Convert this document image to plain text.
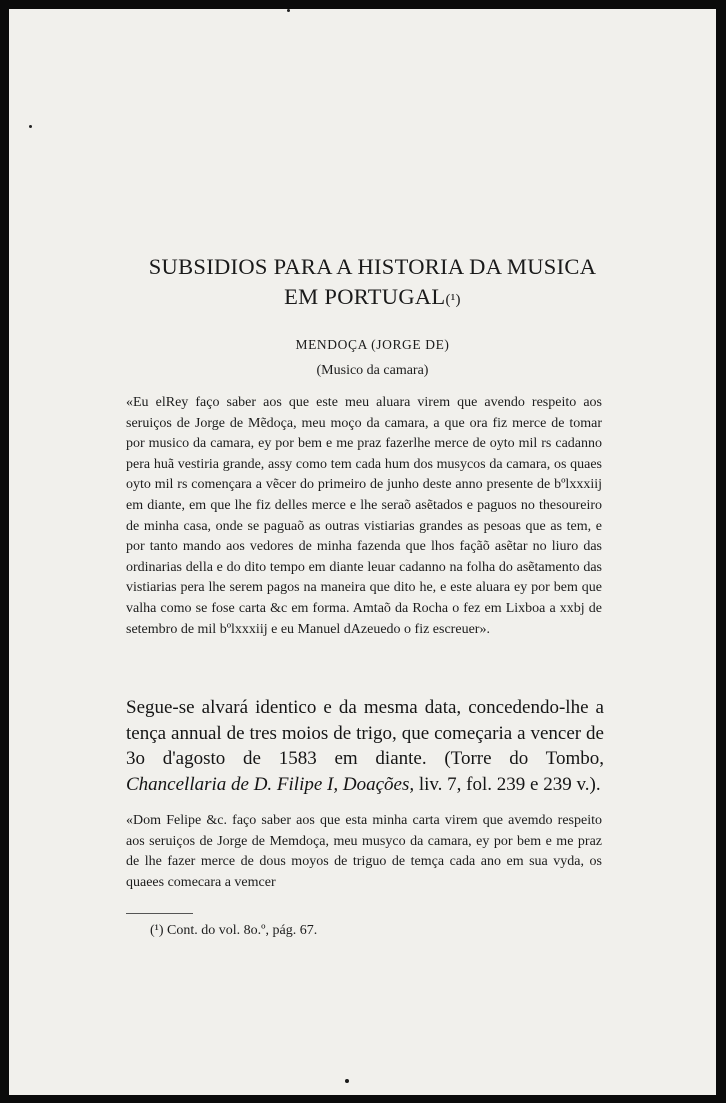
SUBSIDIOS PARA A HISTORIA DA MUSICA
EM PORTUGAL(¹)
MENDOÇA (JORGE DE)
(Musico da camara)
«Eu elRey faço saber aos que este meu aluara virem que avendo respeito aos seruiços de Jorge de Mẽdoça, meu moço da camara, a que ora fiz merce de tomar por musico da camara, ey por bem e me praz fazerlhe merce de oyto mil rs cadanno pera huã vestiria grande, assy como tem cada hum dos musycos da camara, os quaes oyto mil rs començara a vẽcer do primeiro de junho deste anno presente de bºlxxxiij em diante, em que lhe fiz delles merce e lhe seraõ asẽtados e paguos no thesoureiro de minha casa, onde se paguaõ as outras vistiarias grandes as pesoas que as tem, e por tanto mando aos vedores de minha fazenda que lhos façãõ asẽtar no liuro das ordinarias della e do dito tempo em diante leuar cadanno na folha do asẽtamento das vistiarias pera lhe serem pagos na maneira que dito he, e este aluara ey por bem que valha como se fose carta &c em forma. Amtaõ da Rocha o fez em Lixboa a xxbj de setembro de mil bºlxxxiij e eu Manuel dAzeuedo o fiz escreuer».
Segue-se alvará identico e da mesma data, concedendo-lhe a tença annual de tres moios de trigo, que começaria a vencer de 3o d'agosto de 1583 em diante. (Torre do Tombo, Chancellaria de D. Filipe I, Doações, liv. 7, fol. 239 e 239 v.).
«Dom Felipe &c. faço saber aos que esta minha carta virem que avemdo respeito aos seruiços de Jorge de Memdoça, meu musyco da camara, ey por bem e me praz de lhe fazer merce de dous moyos de triguo de temça cada ano em sua vyda, os quaees comecara a vemcer
(¹) Cont. do vol. 8o.º, pág. 67.
